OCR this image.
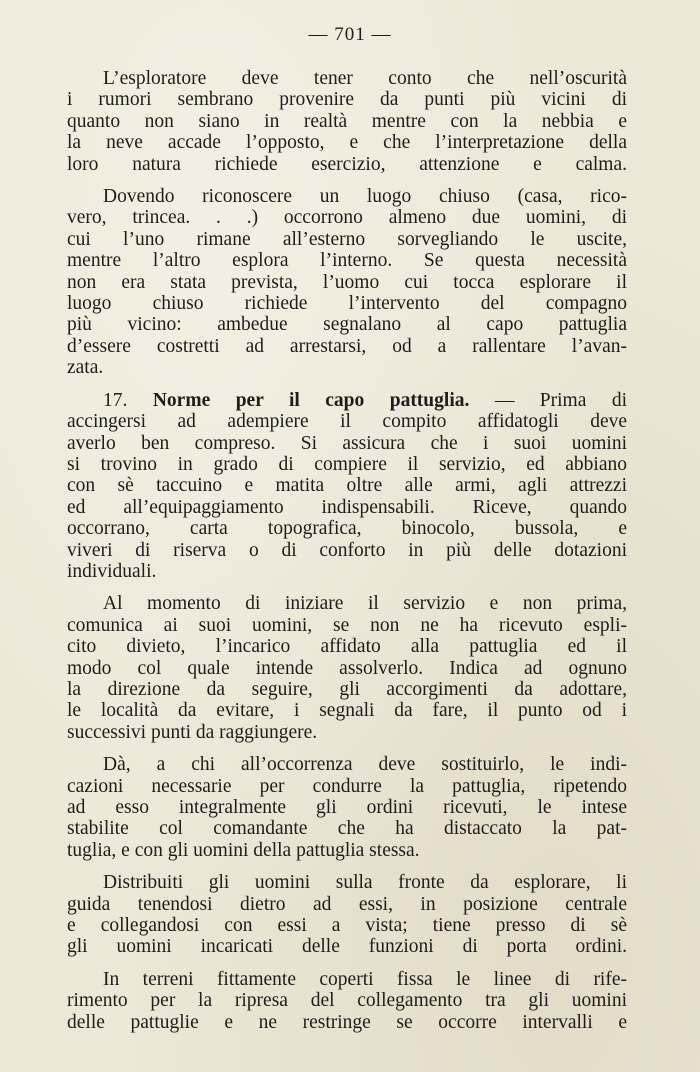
— 701 —
L’esploratore deve tener conto che nell’oscurità
i rumori sembrano provenire da punti più vicini di
quanto non siano in realtà mentre con la nebbia e
la neve accade l’opposto, e che l’interpretazione della
loro natura richiede esercizio, attenzione e calma.
Dovendo riconoscere un luogo chiuso (casa, rico-
vero, trincea. . .) occorrono almeno due uomini, di
cui l’uno rimane all’esterno sorvegliando le uscite,
mentre l’altro esplora l’interno. Se questa necessità
non era stata prevista, l’uomo cui tocca esplorare il
luogo chiuso richiede l’intervento del compagno
più vicino: ambedue segnalano al capo pattuglia
d’essere costretti ad arrestarsi, od a rallentare l’avan-
zata.
17. Norme per il capo pattuglia. — Prima di
accingersi ad adempiere il compito affidatogli deve
averlo ben compreso. Si assicura che i suoi uomini
si trovino in grado di compiere il servizio, ed abbiano
con sè taccuino e matita oltre alle armi, agli attrezzi
ed all’equipaggiamento indispensabili. Riceve, quando
occorrano, carta topografica, binocolo, bussola, e
viveri di riserva o di conforto in più delle dotazioni
individuali.
Al momento di iniziare il servizio e non prima,
comunica ai suoi uomini, se non ne ha ricevuto espli-
cito divieto, l’incarico affidato alla pattuglia ed il
modo col quale intende assolverlo. Indica ad ognuno
la direzione da seguire, gli accorgimenti da adottare,
le località da evitare, i segnali da fare, il punto od i
successivi punti da raggiungere.
Dà, a chi all’occorrenza deve sostituirlo, le indi-
cazioni necessarie per condurre la pattuglia, ripetendo
ad esso integralmente gli ordini ricevuti, le intese
stabilite col comandante che ha distaccato la pat-
tuglia, e con gli uomini della pattuglia stessa.
Distribuiti gli uomini sulla fronte da esplorare, li
guida tenendosi dietro ad essi, in posizione centrale
e collegandosi con essi a vista; tiene presso di sè
gli uomini incaricati delle funzioni di porta ordini.
In terreni fittamente coperti fissa le linee di rife-
rimento per la ripresa del collegamento tra gli uomini
delle pattuglie e ne restringe se occorre intervalli e
